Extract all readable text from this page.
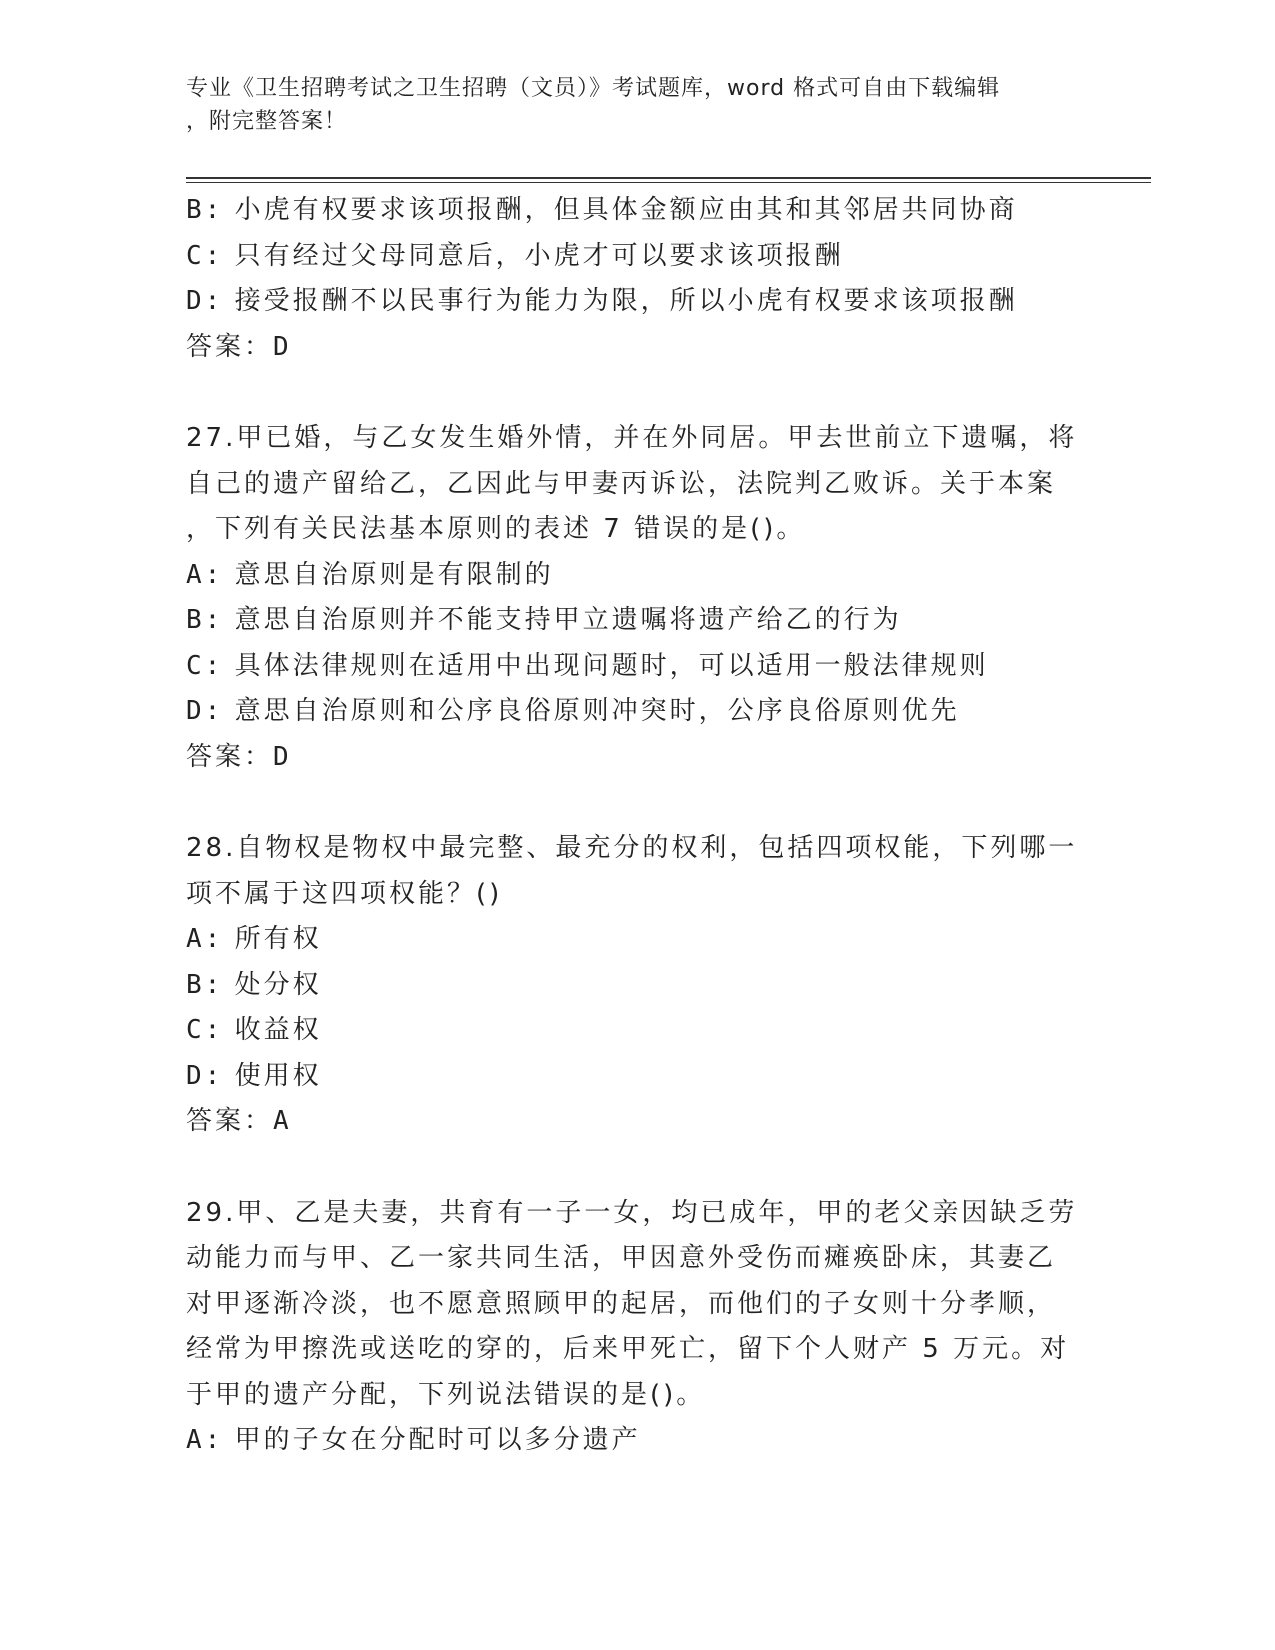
专业《卫生招聘考试之卫生招聘（文员）》考试题库，word 格式可自由下载编辑
，附完整答案！
B: 小虎有权要求该项报酬，但具体金额应由其和其邻居共同协商
C: 只有经过父母同意后，小虎才可以要求该项报酬
D: 接受报酬不以民事行为能力为限，所以小虎有权要求该项报酬
答案：D
27.甲已婚，与乙女发生婚外情，并在外同居。甲去世前立下遗嘱，将
自己的遗产留给乙，乙因此与甲妻丙诉讼，法院判乙败诉。关于本案
，下列有关民法基本原则的表述 7 错误的是()。
A: 意思自治原则是有限制的
B: 意思自治原则并不能支持甲立遗嘱将遗产给乙的行为
C: 具体法律规则在适用中出现问题时，可以适用一般法律规则
D: 意思自治原则和公序良俗原则冲突时，公序良俗原则优先
答案：D
28.自物权是物权中最完整、最充分的权利，包括四项权能，下列哪一
项不属于这四项权能？()
A: 所有权
B: 处分权
C: 收益权
D: 使用权
答案：A
29.甲、乙是夫妻，共育有一子一女，均已成年，甲的老父亲因缺乏劳
动能力而与甲、乙一家共同生活，甲因意外受伤而瘫痪卧床，其妻乙
对甲逐渐冷淡，也不愿意照顾甲的起居，而他们的子女则十分孝顺，
经常为甲擦洗或送吃的穿的，后来甲死亡，留下个人财产 5 万元。对
于甲的遗产分配，下列说法错误的是()。
A: 甲的子女在分配时可以多分遗产
